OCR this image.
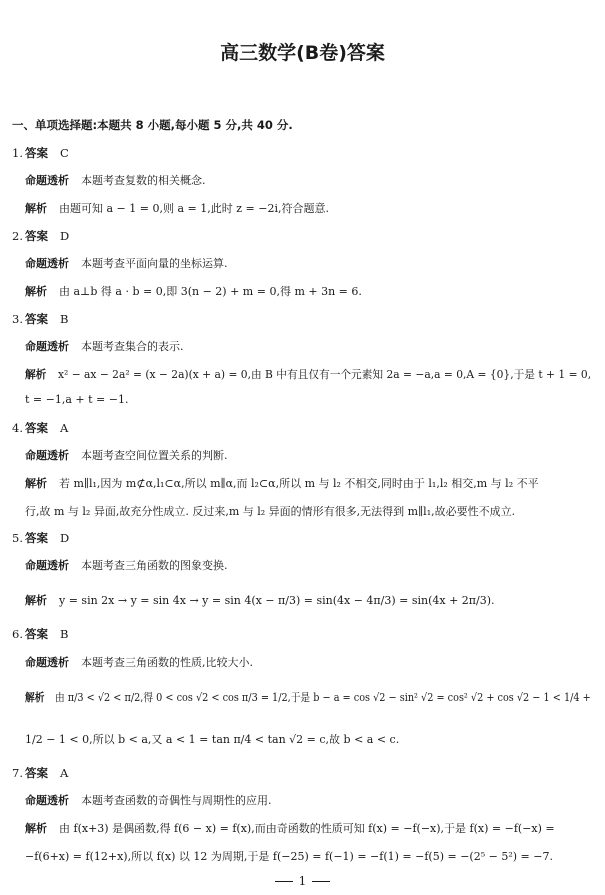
高三数学(B卷)答案
一、单项选择题:本题共 8 小题,每小题 5 分,共 40 分.
1. 答案 C
命题透析 本题考查复数的相关概念.
解析 由题可知 a − 1 = 0,则 a = 1,此时 z = −2i,符合题意.
2. 答案 D
命题透析 本题考查平面向量的坐标运算.
解析 由 a⊥b 得 a · b = 0,即 3(n − 2) + m = 0,得 m + 3n = 6.
3. 答案 B
命题透析 本题考查集合的表示.
解析 x² − ax − 2a² = (x − 2a)(x + a) = 0,由 B 中有且仅有一个元素知 2a = −a,a = 0,A = {0},于是 t + 1 = 0,
t = −1,a + t = −1.
4. 答案 A
命题透析 本题考查空间位置关系的判断.
解析 若 m∥l₁,因为 m⊄α,l₁⊂α,所以 m∥α,而 l₂⊂α,所以 m 与 l₂ 不相交,同时由于 l₁,l₂ 相交,m 与 l₂ 不平
行,故 m 与 l₂ 异面,故充分性成立. 反过来,m 与 l₂ 异面的情形有很多,无法得到 m∥l₁,故必要性不成立.
5. 答案 D
命题透析 本题考查三角函数的图象变换.
解析 y = sin 2x → y = sin 4x → y = sin 4(x − π/3) = sin(4x − 4π/3) = sin(4x + 2π/3).
6. 答案 B
命题透析 本题考查三角函数的性质,比较大小.
解析 由 π/3 < √2 < π/2,得 0 < cos √2 < cos π/3 = 1/2,于是 b − a = cos √2 − sin² √2 = cos² √2 + cos √2 − 1 < 1/4 +
1/2 − 1 < 0,所以 b < a,又 a < 1 = tan π/4 < tan √2 = c,故 b < a < c.
7. 答案 A
命题透析 本题考查函数的奇偶性与周期性的应用.
解析 由 f(x+3) 是偶函数,得 f(6 − x) = f(x),而由奇函数的性质可知 f(x) = −f(−x),于是 f(x) = −f(−x) =
−f(6+x) = f(12+x),所以 f(x) 以 12 为周期,于是 f(−25) = f(−1) = −f(1) = −f(5) = −(2⁵ − 5²) = −7.
1
